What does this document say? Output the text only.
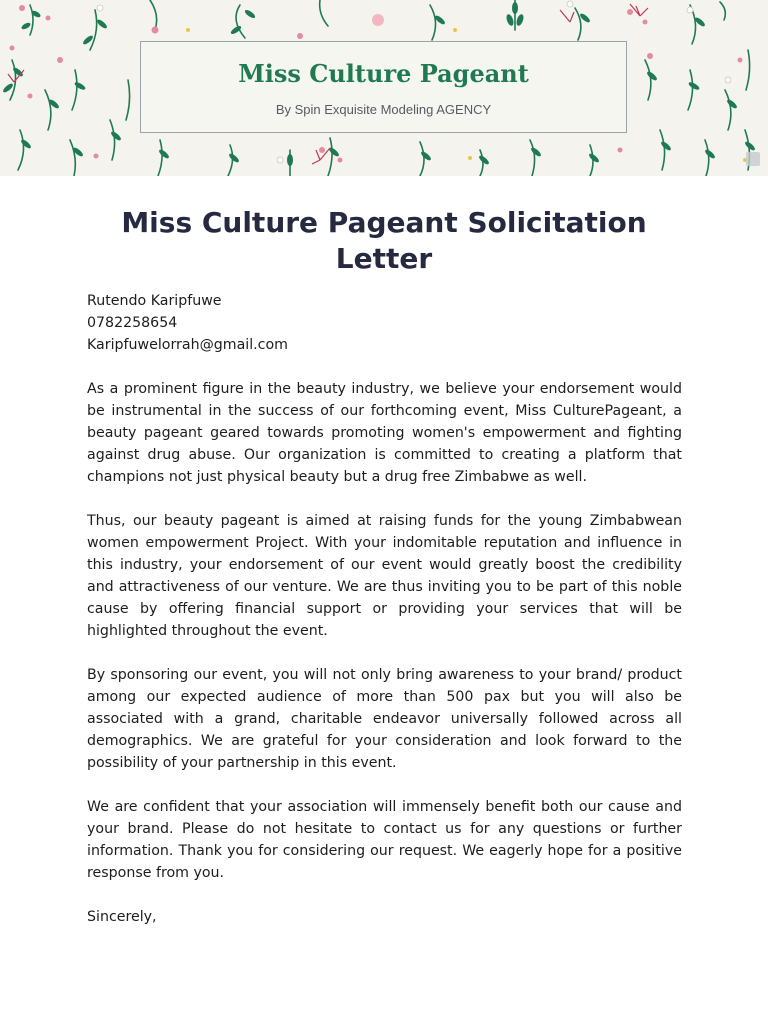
Miss Culture Pageant

By Spin Exquisite Modeling AGENCY

Miss Culture Pageant Solicitation Letter
Rutendo Karipfuwe
0782258654
Karipfuwelorrah@gmail.com

As a prominent figure in the beauty industry, we believe your endorsement would be instrumental in the success of our forthcoming event, Miss CulturePageant, a beauty pageant geared towards promoting women's empowerment and fighting against drug abuse. Our organization is committed to creating a platform that champions not just physical beauty but a drug free Zimbabwe as well.

Thus, our beauty pageant is aimed at raising funds for the young Zimbabwean women empowerment Project. With your indomitable reputation and influence in this industry, your endorsement of our event would greatly boost the credibility and attractiveness of our venture. We are thus inviting you to be part of this noble cause by offering financial support or providing your services that will be highlighted throughout the event.

By sponsoring our event, you will not only bring awareness to your brand/ product among our expected audience of more than 500 pax but you will also be associated with a grand, charitable endeavor universally followed across all demographics. We are grateful for your consideration and look forward to the possibility of your partnership in this event.

We are confident that your association will immensely benefit both our cause and your brand. Please do not hesitate to contact us for any questions or further information. Thank you for considering our request. We eagerly hope for a positive response from you.

Sincerely,
